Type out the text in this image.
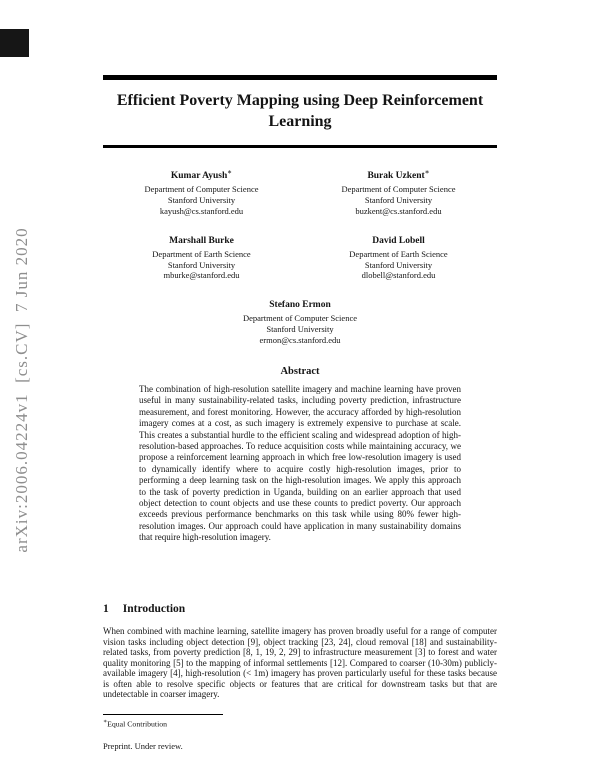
arXiv:2006.04224v1  [cs.CV]  7 Jun 2020
Efficient Poverty Mapping using Deep Reinforcement Learning
Kumar Ayush∗
Department of Computer Science
Stanford University
kayush@cs.stanford.edu
Burak Uzkent∗
Department of Computer Science
Stanford University
buzkent@cs.stanford.edu
Marshall Burke
Department of Earth Science
Stanford University
mburke@stanford.edu
David Lobell
Department of Earth Science
Stanford University
dlobell@stanford.edu
Stefano Ermon
Department of Computer Science
Stanford University
ermon@cs.stanford.edu
Abstract

The combination of high-resolution satellite imagery and machine learning have proven useful in many sustainability-related tasks, including poverty prediction, infrastructure measurement, and forest monitoring. However, the accuracy afforded by high-resolution imagery comes at a cost, as such imagery is extremely expensive to purchase at scale. This creates a substantial hurdle to the efficient scaling and widespread adoption of high-resolution-based approaches. To reduce acquisition costs while maintaining accuracy, we propose a reinforcement learning approach in which free low-resolution imagery is used to dynamically identify where to acquire costly high-resolution images, prior to performing a deep learning task on the high-resolution images. We apply this approach to the task of poverty prediction in Uganda, building on an earlier approach that used object detection to count objects and use these counts to predict poverty. Our approach exceeds previous performance benchmarks on this task while using 80% fewer high-resolution images. Our approach could have application in many sustainability domains that require high-resolution imagery.

1 Introduction

When combined with machine learning, satellite imagery has proven broadly useful for a range of computer vision tasks including object detection [9], object tracking [23, 24], cloud removal [18] and sustainability-related tasks, from poverty prediction [8, 1, 19, 2, 29] to infrastructure measurement [3] to forest and water quality monitoring [5] to the mapping of informal settlements [12]. Compared to coarser (10-30m) publicly-available imagery [4], high-resolution (< 1m) imagery has proven particularly useful for these tasks because is often able to resolve specific objects or features that are critical for downstream tasks but that are undetectable in coarser imagery.

∗Equal Contribution
Preprint. Under review.
